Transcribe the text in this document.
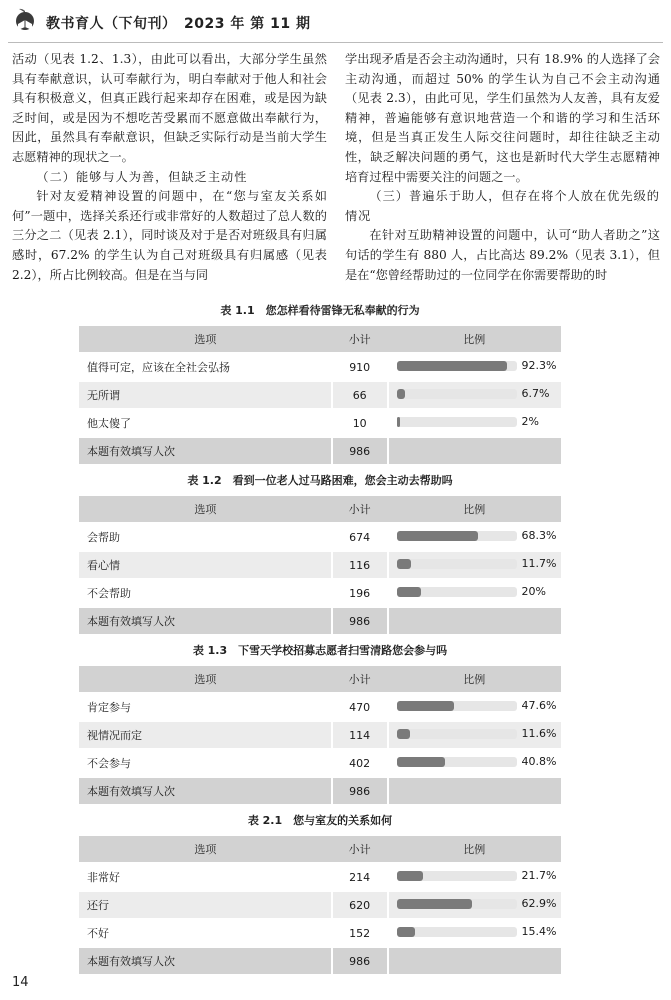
教书育人（下旬刊）　2023 年 第 11 期

活动（见表 1.2、1.3），由此可以看出，大部分学生虽然具有奉献意识，认可奉献行为，明白奉献对于他人和社会具有积极意义，但真正践行起来却存在困难，或是因为缺乏时间，或是因为不想吃苦受累而不愿意做出奉献行为，因此，虽然具有奉献意识，但缺乏实际行动是当前大学生志愿精神的现状之一。

（二）能够与人为善，但缺乏主动性

针对友爱精神设置的问题中，在“您与室友关系如何”一题中，选择关系还行或非常好的人数超过了总人数的三分之二（见表 2.1），同时谈及对于是否对班级具有归属感时，67.2% 的学生认为自己对班级具有归属感（见表 2.2），所占比例较高。但是在当与同

学出现矛盾是否会主动沟通时，只有 18.9% 的人选择了会主动沟通，而超过 50% 的学生认为自己不会主动沟通（见表 2.3），由此可见，学生们虽然为人友善，具有友爱精神，普遍能够有意识地营造一个和谐的学习和生活环境，但是当真正发生人际交往问题时，却往往缺乏主动性，缺乏解决问题的勇气，这也是新时代大学生志愿精神培育过程中需要关注的问题之一。

（三）普遍乐于助人，但存在将个人放在优先级的情况

在针对互助精神设置的问题中，认可“助人者助之”这句话的学生有 880 人，占比高达 89.2%（见表 3.1），但是在“您曾经帮助过的一位同学在你需要帮助的时

表 1.1　您怎样看待雷锋无私奉献的行为
选项	小计	比例
值得可定，应该在全社会弘扬	910	92.3%

无所谓	66	6.7%

他太傻了	10	2%

本题有效填写人次	986	
表 1.2　看到一位老人过马路困难，您会主动去帮助吗
选项	小计	比例
会帮助	674	68.3%

看心情	116	11.7%

不会帮助	196	20%

本题有效填写人次	986	
表 1.3　下雪天学校招募志愿者扫雪清路您会参与吗
选项	小计	比例
肯定参与	470	47.6%

视情况而定	114	11.6%

不会参与	402	40.8%

本题有效填写人次	986	
表 2.1　您与室友的关系如何
选项	小计	比例
非常好	214	21.7%

还行	620	62.9%

不好	152	15.4%

本题有效填写人次	986	
14
